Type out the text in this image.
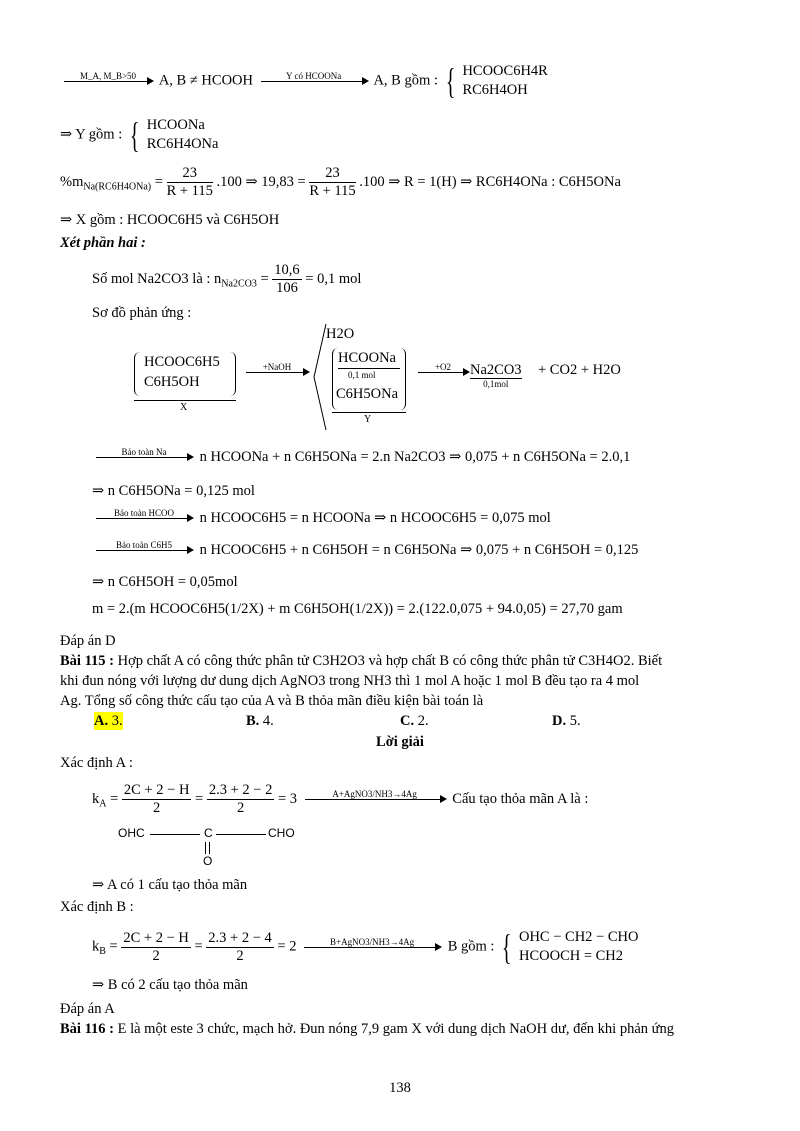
M_A, M_B>50	A, B ≠ HCOOH	Y có HCOONa	A, B gồm : { HCOOC6H4R
RC6H4OH
⇒ Y gồm : { HCOONa
RC6H4ONa
$\%m_{Na(RC6H4ONa)} = \frac{23}{R + 115} .100$ ⇒ $19,83 = \frac{23}{R + 115} .100$ ⇒ R = 1(H) ⇒ RC6H4ONa : C6H5ONa
⇒ X gồm : HCOOC6H5 và C6H5OH
Xét phần hai :
Số mol Na2CO3 là : $n_{Na2CO3} = \frac{10,6}{106} = 0,1$ mol
Sơ đồ phản ứng :
HCOOC6H5
C6H5OH
X
+NaOH
H2O
HCOONa
0,1 mol
C6H5ONa
Y
+O2	Na2CO3
0,1mol
+ CO2 + H2O
Bảo toàn Na	n HCOONa + n C6H5ONa = 2.n Na2CO3 ⇒ 0,075 + n C6H5ONa = 2.0,1
⇒ n C6H5ONa = 0,125 mol
Bảo toàn HCOO	n HCOOC6H5 = n HCOONa ⇒ n HCOOC6H5 = 0,075 mol
Bảo toàn C6H5	n HCOOC6H5 + n C6H5OH = n C6H5ONa ⇒ 0,075 + n C6H5OH = 0,125
⇒ n C6H5OH = 0,05mol
m = 2.(m HCOOC6H5(1/2X) + m C6H5OH(1/2X)) = 2.(122.0,075 + 94.0,05) = 27,70 gam
Đáp án D
Bài 115 : Hợp chất A có công thức phân tử C3H2O3 và hợp chất B có công thức phân tử C3H4O2. Biết
khi đun nóng với lượng dư dung dịch AgNO3 trong NH3 thì 1 mol A hoặc 1 mol B đều tạo ra 4 mol
Ag. Tổng số công thức cấu tạo của A và B thỏa mãn điều kiện bài toán là
A. 3.	B. 4.	C. 2.	D. 5.
Lời giải
Xác định A :
$k_A = \frac{2C + 2 - H}{2} = \frac{2.3 + 2 - 2}{2} = 3$	A+AgNO3/NH3→4Ag	Cấu tạo thỏa mãn A là :
OHC	C	CHO
O
⇒ A có 1 cấu tạo thỏa mãn
Xác định B :
$k_B = \frac{2C + 2 - H}{2} = \frac{2.3 + 2 - 4}{2} = 2$	B+AgNO3/NH3→4Ag	B gồm : { OHC − CH2 − CHO
HCOOCH = CH2
⇒ B có 2 cấu tạo thỏa mãn
Đáp án A
Bài 116 : E là một este 3 chức, mạch hở. Đun nóng 7,9 gam X với dung dịch NaOH dư, đến khi phản ứng
138
